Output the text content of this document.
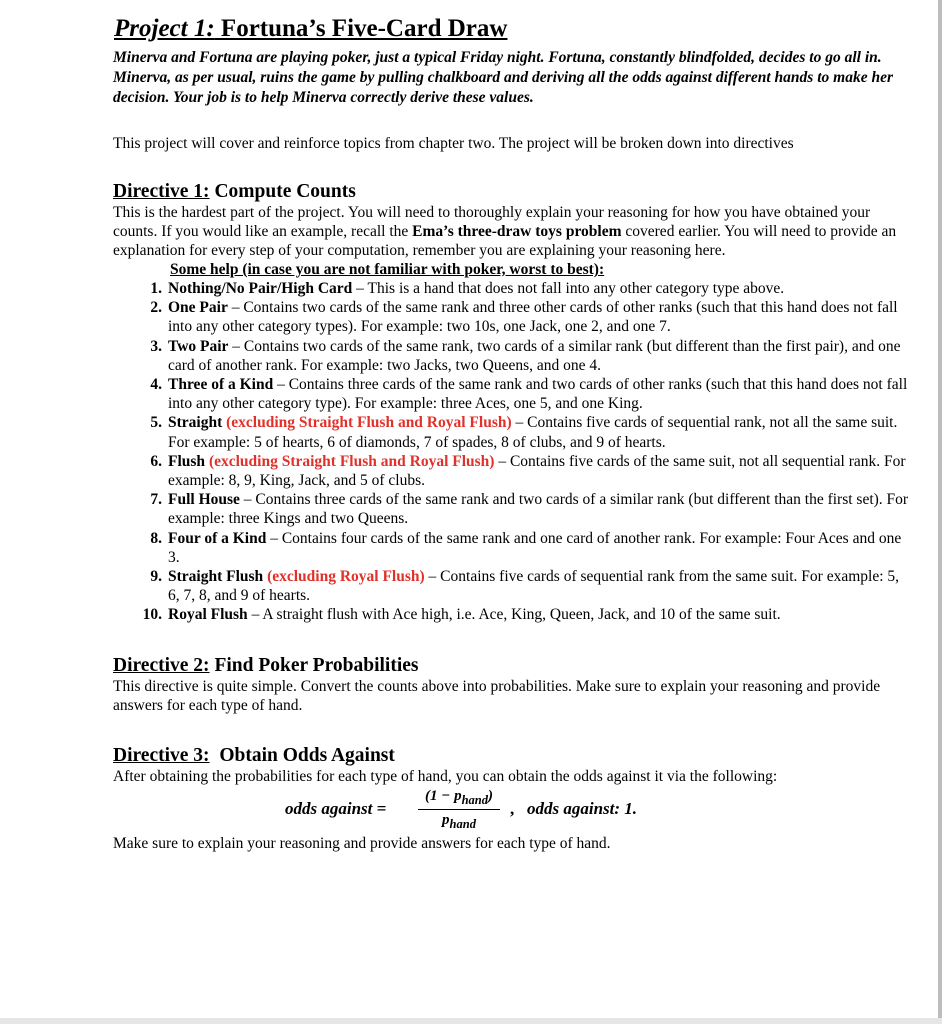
Project 1: Fortuna’s Five-Card Draw
Minerva and Fortuna are playing poker, just a typical Friday night. Fortuna, constantly blindfolded, decides to go all in. Minerva, as per usual, ruins the game by pulling chalkboard and deriving all the odds against different hands to make her decision. Your job is to help Minerva correctly derive these values.

This project will cover and reinforce topics from chapter two. The project will be broken down into directives

Directive 1: Compute Counts

This is the hardest part of the project. You will need to thoroughly explain your reasoning for how you have obtained your counts. If you would like an example, recall the Ema’s three-draw toys problem covered earlier. You will need to provide an explanation for every step of your computation, remember you are explaining your reasoning here.

Some help (in case you are not familiar with poker, worst to best):
1. Nothing/No Pair/High Card – This is a hand that does not fall into any other category type above.
2. One Pair – Contains two cards of the same rank and three other cards of other ranks (such that this hand does not fall into any other category types). For example: two 10s, one Jack, one 2, and one 7.
3. Two Pair – Contains two cards of the same rank, two cards of a similar rank (but different than the first pair), and one card of another rank. For example: two Jacks, two Queens, and one 4.
4. Three of a Kind – Contains three cards of the same rank and two cards of other ranks (such that this hand does not fall into any other category type). For example: three Aces, one 5, and one King.
5. Straight (excluding Straight Flush and Royal Flush) – Contains five cards of sequential rank, not all the same suit. For example: 5 of hearts, 6 of diamonds, 7 of spades, 8 of clubs, and 9 of hearts.
6. Flush (excluding Straight Flush and Royal Flush) – Contains five cards of the same suit, not all sequential rank. For example: 8, 9, King, Jack, and 5 of clubs.
7. Full House – Contains three cards of the same rank and two cards of a similar rank (but different than the first set). For example: three Kings and two Queens.
8. Four of a Kind – Contains four cards of the same rank and one card of another rank. For example: Four Aces and one 3.
9. Straight Flush (excluding Royal Flush) – Contains five cards of sequential rank from the same suit. For example: 5, 6, 7, 8, and 9 of hearts.
10. Royal Flush – A straight flush with Ace high, i.e. Ace, King, Queen, Jack, and 10 of the same suit.
Directive 2: Find Poker Probabilities

This directive is quite simple. Convert the counts above into probabilities. Make sure to explain your reasoning and provide answers for each type of hand.

Directive 3:  Obtain Odds Against

After obtaining the probabilities for each type of hand, you can obtain the odds against it via the following:

odds against =
$(1 - p_{hand})$
$p_{hand}$
, odds against: 1.

Make sure to explain your reasoning and provide answers for each type of hand.
